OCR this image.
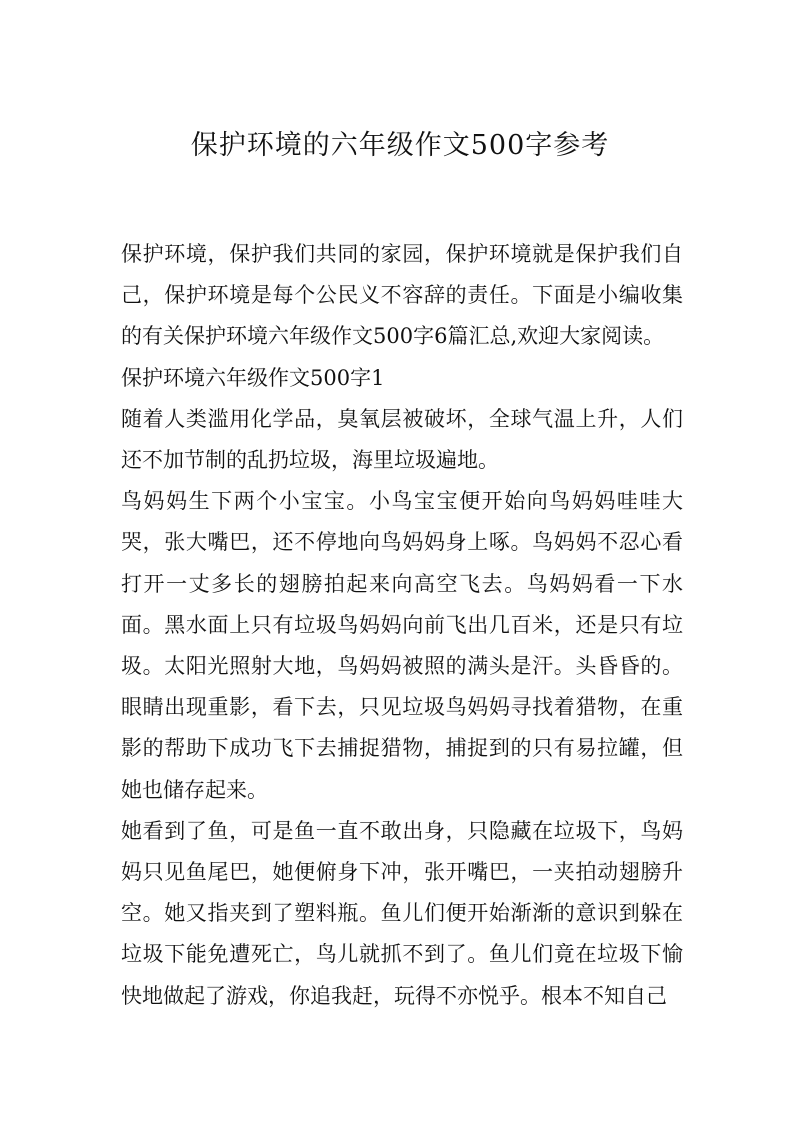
保护环境的六年级作文500字参考

保护环境，保护我们共同的家园，保护环境就是保护我们自己，保护环境是每个公民义不容辞的责任。下面是小编收集的有关保护环境六年级作文500字6篇汇总,欢迎大家阅读。

保护环境六年级作文500字1

随着人类滥用化学品，臭氧层被破坏，全球气温上升，人们还不加节制的乱扔垃圾，海里垃圾遍地。

鸟妈妈生下两个小宝宝。小鸟宝宝便开始向鸟妈妈哇哇大哭，张大嘴巴，还不停地向鸟妈妈身上啄。鸟妈妈不忍心看打开一丈多长的翅膀拍起来向高空飞去。鸟妈妈看一下水面。黑水面上只有垃圾鸟妈妈向前飞出几百米，还是只有垃圾。太阳光照射大地，鸟妈妈被照的满头是汗。头昏昏的。眼睛出现重影，看下去，只见垃圾鸟妈妈寻找着猎物，在重影的帮助下成功飞下去捕捉猎物，捕捉到的只有易拉罐，但她也储存起来。

她看到了鱼，可是鱼一直不敢出身，只隐藏在垃圾下，鸟妈妈只见鱼尾巴，她便俯身下冲，张开嘴巴，一夹拍动翅膀升空。她又指夹到了塑料瓶。鱼儿们便开始渐渐的意识到躲在垃圾下能免遭死亡，鸟儿就抓不到了。鱼儿们竟在垃圾下愉快地做起了游戏，你追我赶，玩得不亦悦乎。根本不知自己
